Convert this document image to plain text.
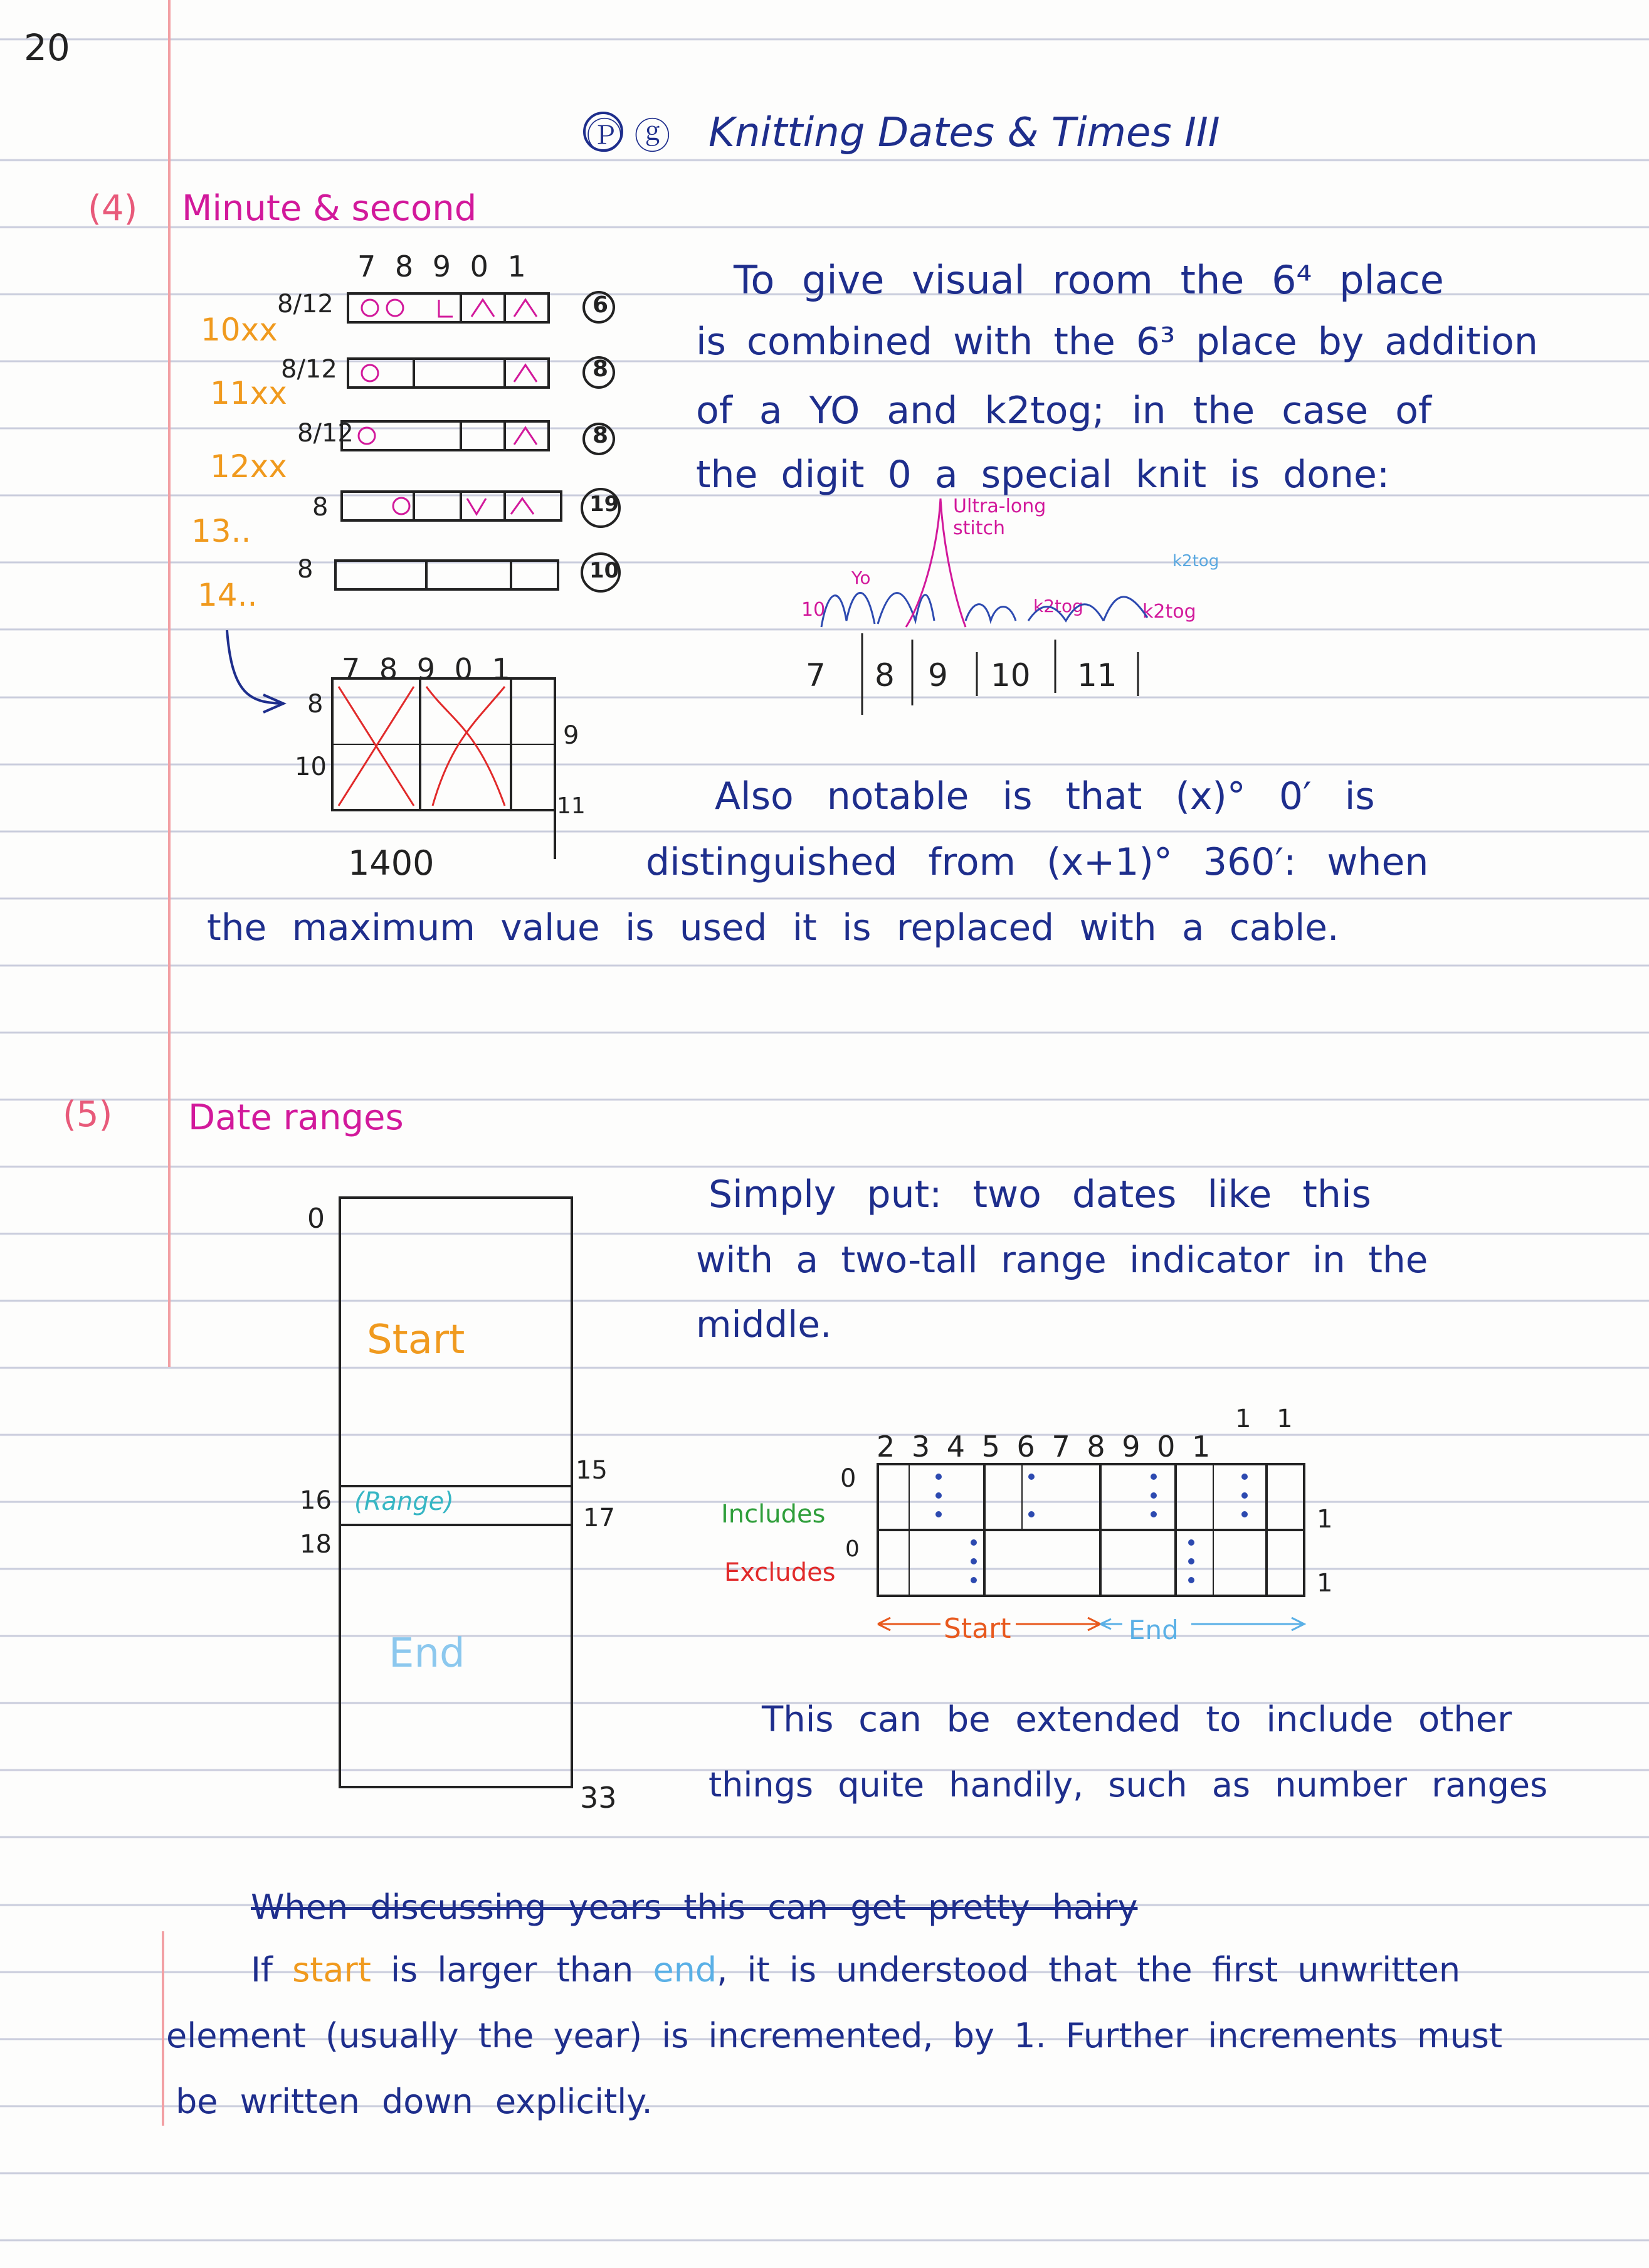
20
Ⓟ ⓖ Knitting Dates & Times III
(4) Minute & second
7 8 9 0 1
10xx
8/12	6
11xx
8/12	8
12xx
8/12	8
13..
8	19
14..
8	10
7 8 9 0 1
8
10
9
11
1400
To give visual room the 6⁴ place
is combined with the 6³ place by addition
of a YO and k2tog; in the case of
the digit 0 a special knit is done:
Ultra-long stitch
Yo
10	k2tog	k2tog
k2tog
7 8 9 10 11
Also notable is that (x)° 0′ is
distinguished from (x+1)° 360′: when
the maximum value is used it is replaced with a cable.
(5) Date ranges
0
Start
(Range)
End
16
18
15
17
33
Simply put: two dates like this
with a two-tall range indicator in the
middle.
1 1
2 3 4 5 6 7 8 9 0 1
Includes
Excludes
0
0
1
1
Start	End
This can be extended to include other
things quite handily, such as number ranges
When discussing years this can get pretty hairy
If start is larger than end, it is understood that the first unwritten
element (usually the year) is incremented, by 1. Further increments must
be written down explicitly.
